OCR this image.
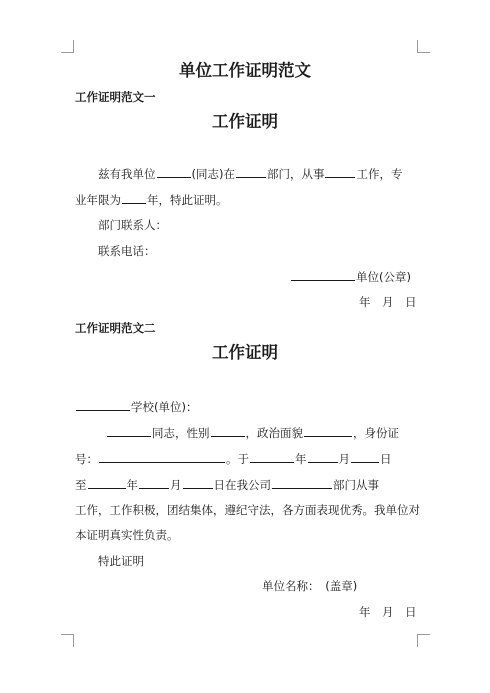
单位工作证明范文
工作证明范文一
工作证明
兹有我单位	(同志)在	部门，从事	工作，专
业年限为 年，特此证明。
部门联系人：
联系电话：
单位(公章)
年　月　日
工作证明范文二
工作证明
学校(单位)：
同志，性别	，政治面貌	，身份证
号：	。于	年	月	日
至	年	月	日在我公司	部门从事
工作，工作积极，团结集体，遵纪守法，各方面表现优秀。我单位对
本证明真实性负责。
特此证明
单位名称：　(盖章)
年　月　日
